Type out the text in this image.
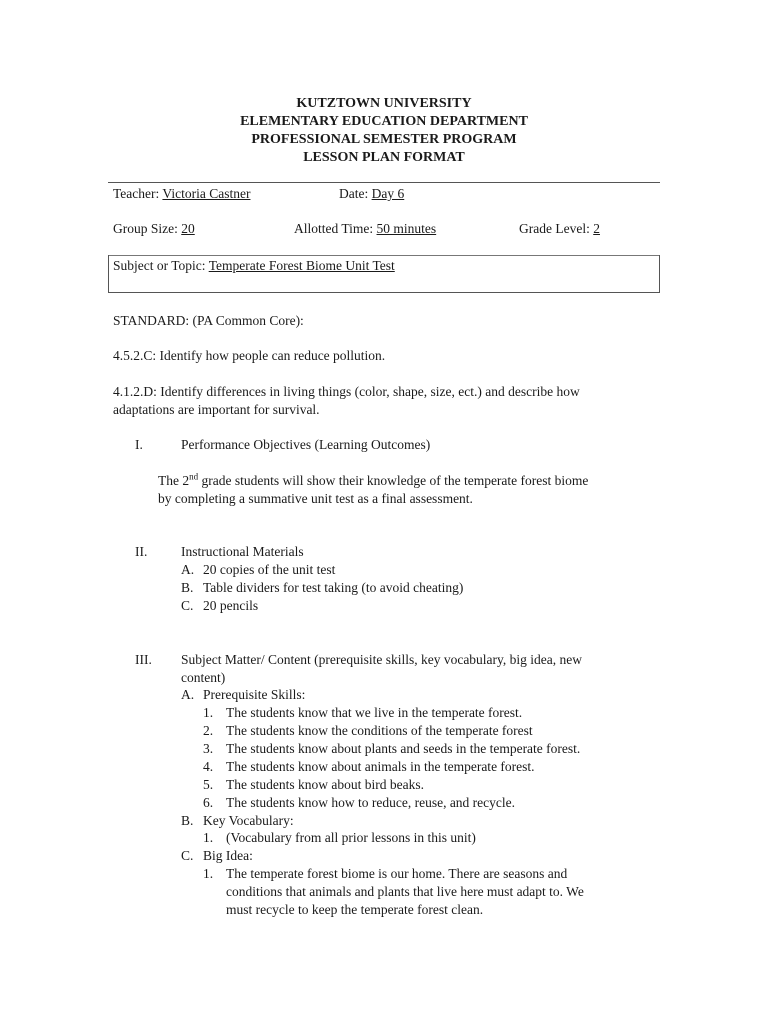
KUTZTOWN UNIVERSITY
ELEMENTARY EDUCATION DEPARTMENT
PROFESSIONAL SEMESTER PROGRAM
LESSON PLAN FORMAT
Teacher: Victoria Castner	Date: Day 6
Group Size: 20	Allotted Time: 50 minutes	Grade Level: 2
Subject or Topic: Temperate Forest Biome Unit Test
STANDARD: (PA Common Core):
4.5.2.C: Identify how people can reduce pollution.
4.1.2.D: Identify differences in living things (color, shape, size, ect.) and describe how
adaptations are important for survival.
I.	Performance Objectives (Learning Outcomes)
The 2nd grade students will show their knowledge of the temperate forest biome
by completing a summative unit test as a final assessment.
II. Instructional Materials
A. 20 copies of the unit test
B. Table dividers for test taking (to avoid cheating)
C. 20 pencils
III. Subject Matter/ Content (prerequisite skills, key vocabulary, big idea, new
content)
A. Prerequisite Skills:
1. The students know that we live in the temperate forest.
2. The students know the conditions of the temperate forest
3. The students know about plants and seeds in the temperate forest.
4. The students know about animals in the temperate forest.
5. The students know about bird beaks.
6. The students know how to reduce, reuse, and recycle.
B. Key Vocabulary:
1. (Vocabulary from all prior lessons in this unit)
C. Big Idea:
1. The temperate forest biome is our home. There are seasons and
conditions that animals and plants that live here must adapt to. We
must recycle to keep the temperate forest clean.
